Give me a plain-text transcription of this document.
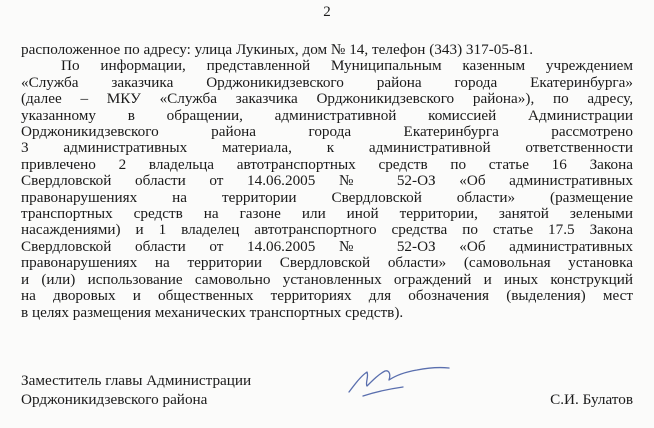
2
расположенное по адресу: улица Лукиных, дом № 14, телефон (343) 317-05-81.
По информации, представленной Муниципальным казенным учреждением
«Служба заказчика Орджоникидзевского района города Екатеринбурга»
(далее – МКУ «Служба заказчика Орджоникидзевского района»), по адресу,
указанному в обращении, административной комиссией Администрации
Орджоникидзевского района города Екатеринбурга рассмотрено
3 административных материала, к административной ответственности
привлечено 2 владельца автотранспортных средств по статье 16 Закона
Свердловской области от 14.06.2005 № 52-ОЗ «Об административных
правонарушениях на территории Свердловской области» (размещение
транспортных средств на газоне или иной территории, занятой зелеными
насаждениями) и 1 владелец автотранспортного средства по статье 17.5 Закона
Свердловской области от 14.06.2005 № 52-ОЗ «Об административных
правонарушениях на территории Свердловской области» (самовольная установка
и (или) использование самовольно установленных ограждений и иных конструкций
на дворовых и общественных территориях для обозначения (выделения) мест
в целях размещения механических транспортных средств).
Заместитель главы Администрации
Орджоникидзевского района	С.И. Булатов
